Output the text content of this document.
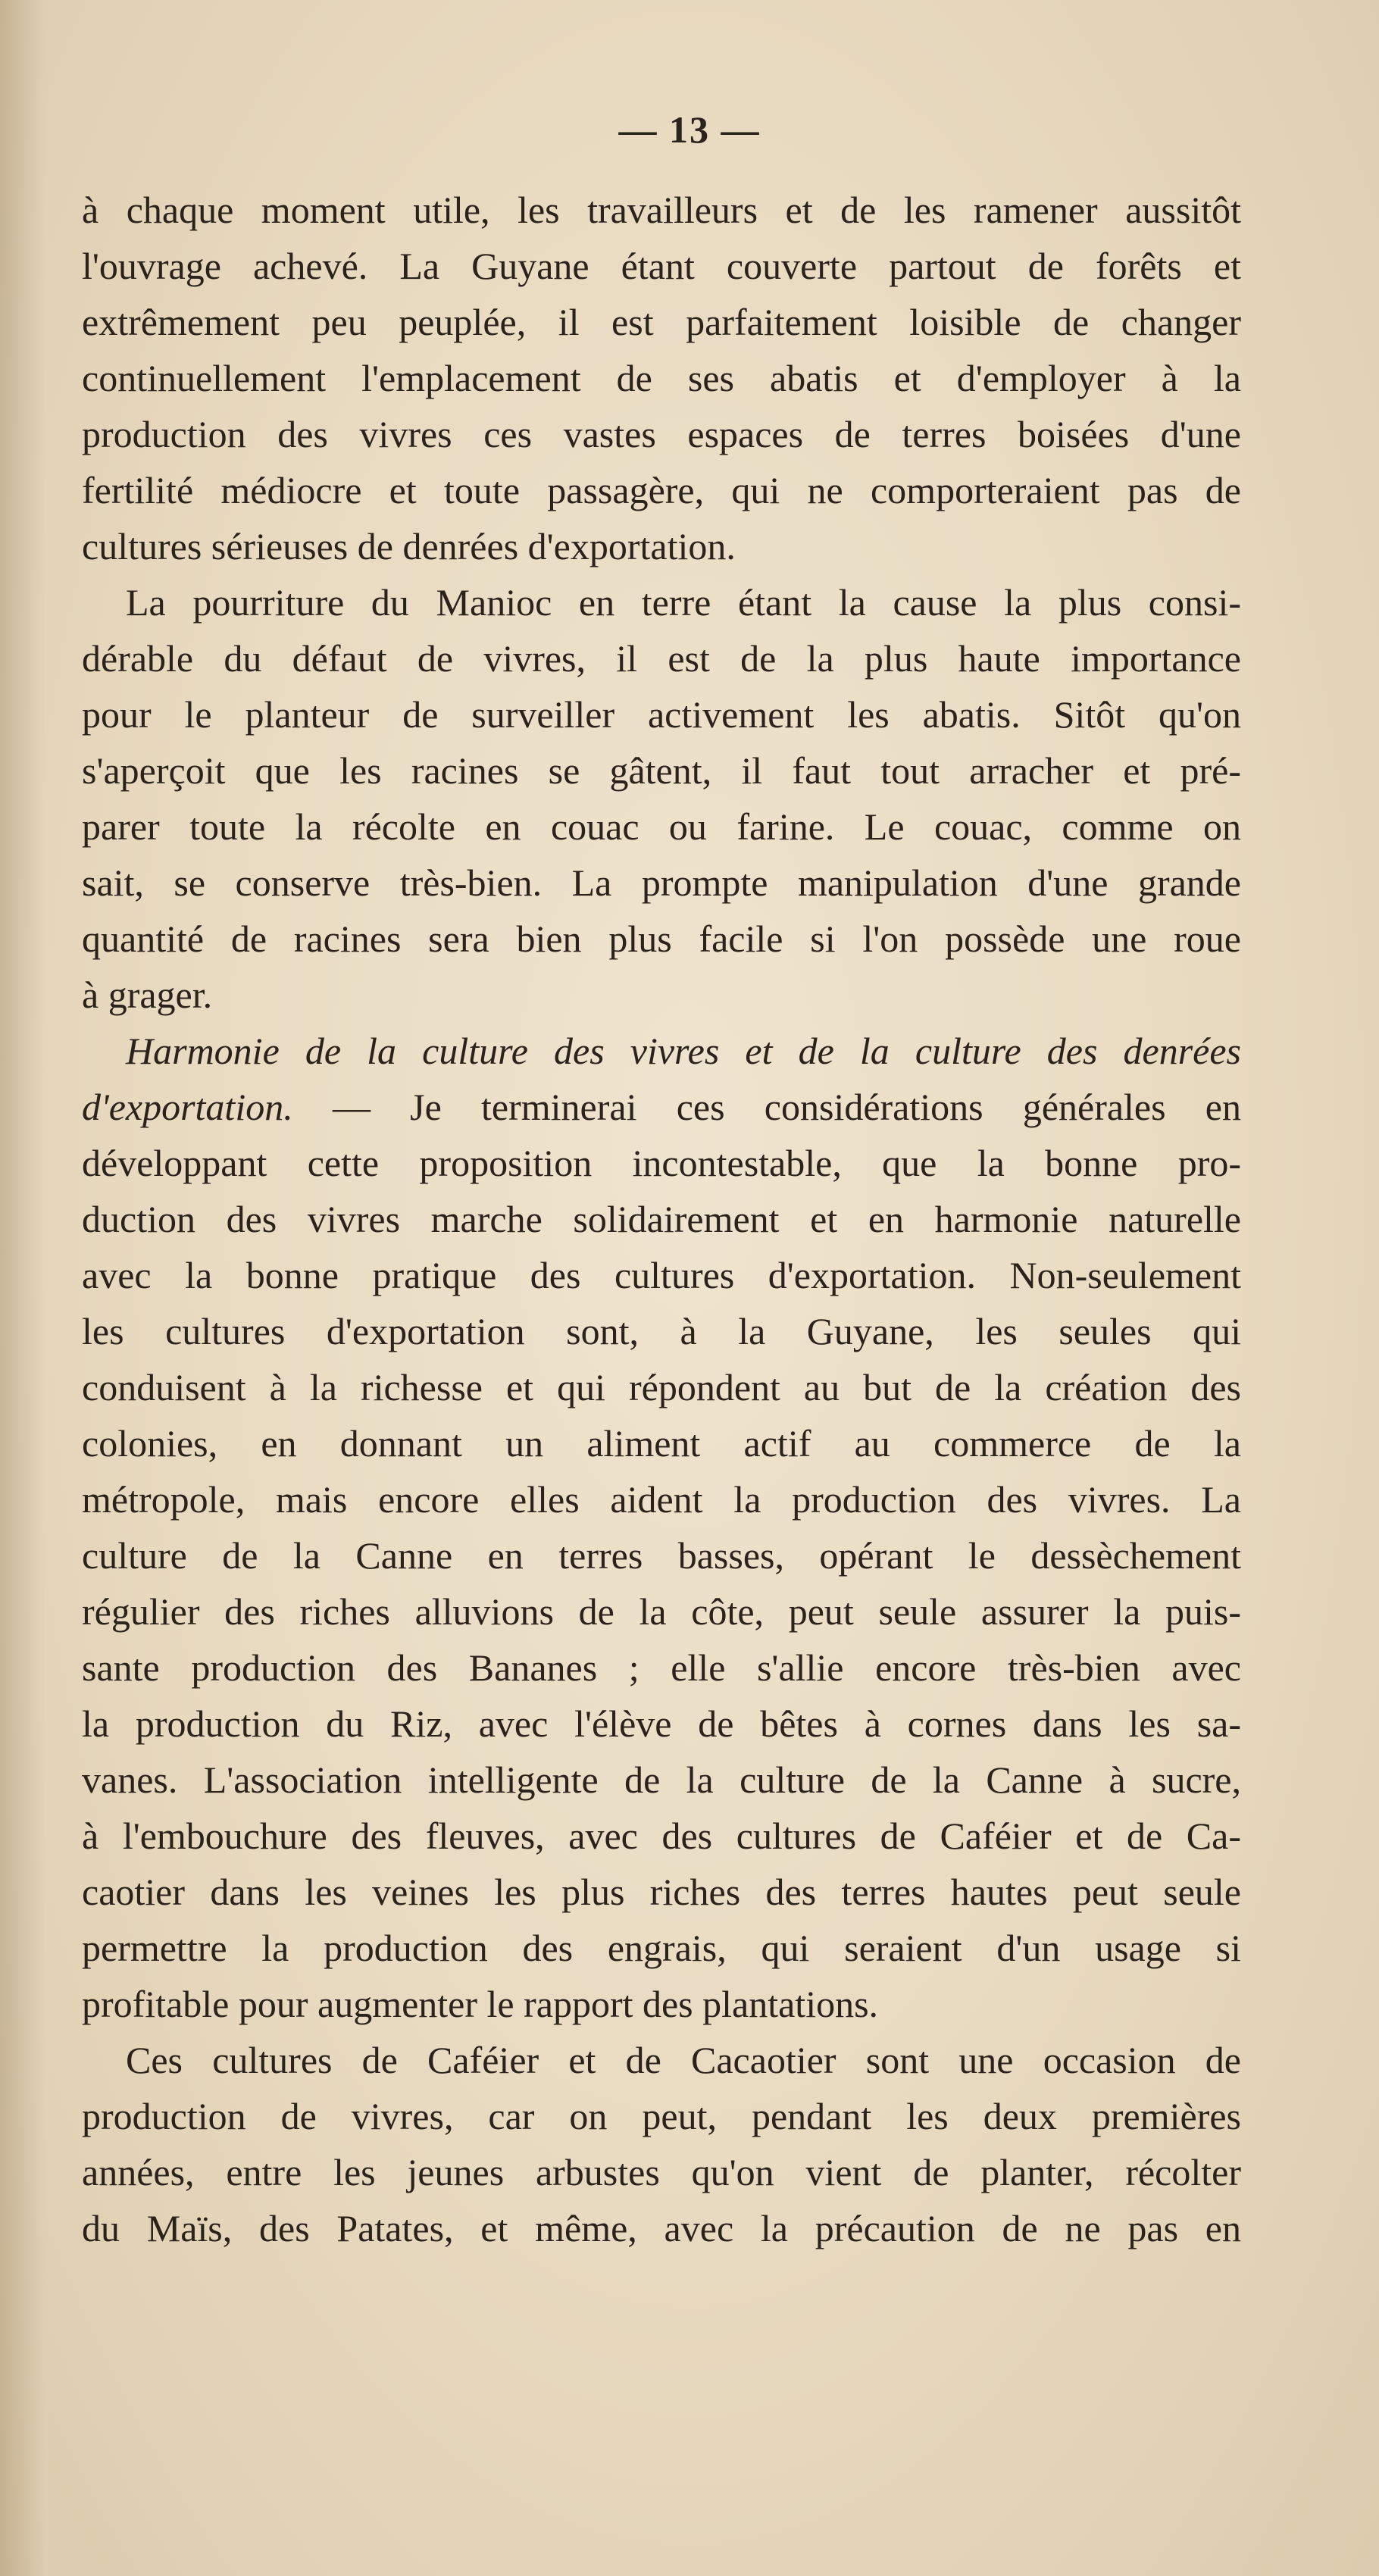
— 13 —
à chaque moment utile, les travailleurs et de les ramener aussitôt
l'ouvrage achevé. La Guyane étant couverte partout de forêts et
extrêmement peu peuplée, il est parfaitement loisible de changer
continuellement l'emplacement de ses abatis et d'employer à la
production des vivres ces vastes espaces de terres boisées d'une
fertilité médiocre et toute passagère, qui ne comporteraient pas de
cultures sérieuses de denrées d'exportation.
La pourriture du Manioc en terre étant la cause la plus consi-
dérable du défaut de vivres, il est de la plus haute importance
pour le planteur de surveiller activement les abatis. Sitôt qu'on
s'aperçoit que les racines se gâtent, il faut tout arracher et pré-
parer toute la récolte en couac ou farine. Le couac, comme on
sait, se conserve très-bien. La prompte manipulation d'une grande
quantité de racines sera bien plus facile si l'on possède une roue
à grager.
Harmonie de la culture des vivres et de la culture des denrées
d'exportation. — Je terminerai ces considérations générales en
développant cette proposition incontestable, que la bonne pro-
duction des vivres marche solidairement et en harmonie naturelle
avec la bonne pratique des cultures d'exportation. Non-seulement
les cultures d'exportation sont, à la Guyane, les seules qui
conduisent à la richesse et qui répondent au but de la création des
colonies, en donnant un aliment actif au commerce de la
métropole, mais encore elles aident la production des vivres. La
culture de la Canne en terres basses, opérant le dessèchement
régulier des riches alluvions de la côte, peut seule assurer la puis-
sante production des Bananes ; elle s'allie encore très-bien avec
la production du Riz, avec l'élève de bêtes à cornes dans les sa-
vanes. L'association intelligente de la culture de la Canne à sucre,
à l'embouchure des fleuves, avec des cultures de Caféier et de Ca-
caotier dans les veines les plus riches des terres hautes peut seule
permettre la production des engrais, qui seraient d'un usage si
profitable pour augmenter le rapport des plantations.
Ces cultures de Caféier et de Cacaotier sont une occasion de
production de vivres, car on peut, pendant les deux premières
années, entre les jeunes arbustes qu'on vient de planter, récolter
du Maïs, des Patates, et même, avec la précaution de ne pas en
